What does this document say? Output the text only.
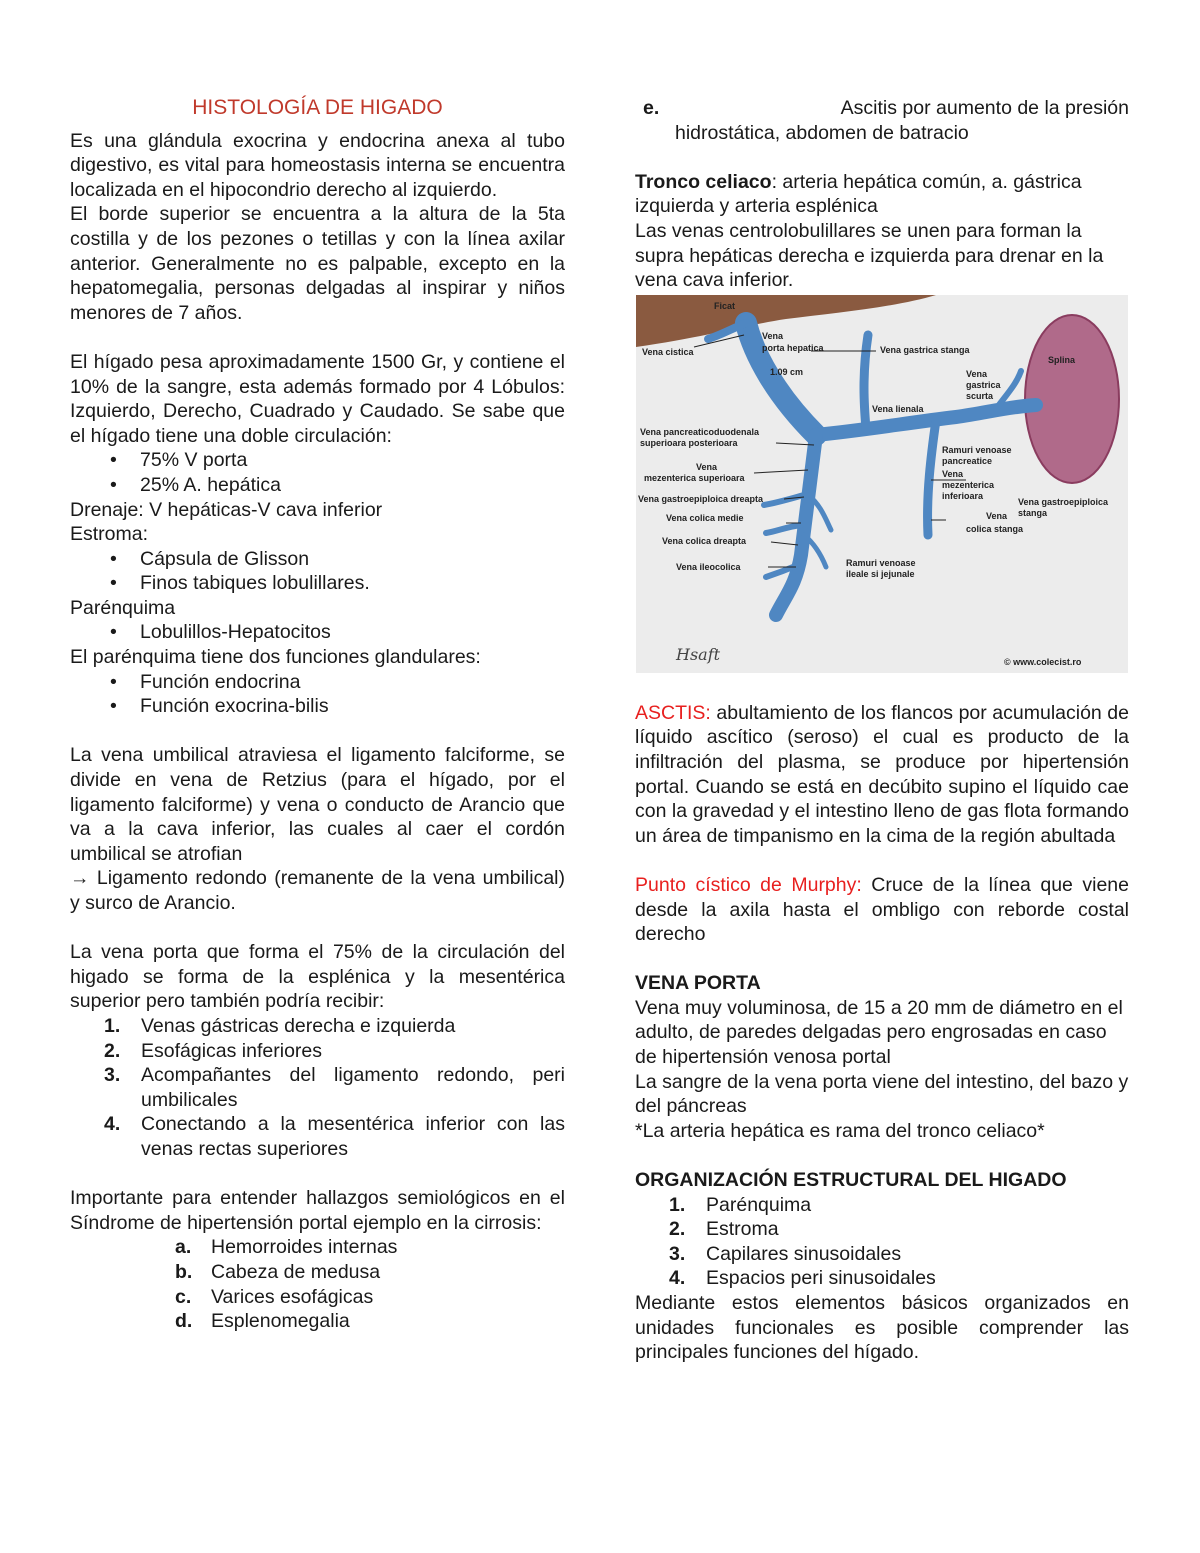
HISTOLOGÍA DE HIGADO

Es una glándula exocrina y endocrina anexa al tubo digestivo, es vital para homeostasis interna se encuentra localizada en el hipocondrio derecho al izquierdo.

El borde superior se encuentra a la altura de la 5ta costilla y de los pezones o tetillas y con la línea axilar anterior. Generalmente no es palpable, excepto en la hepatomegalia, personas delgadas al inspirar y niños menores de 7 años.

El hígado pesa aproximadamente 1500 Gr, y contiene el 10% de la sangre, esta además formado por 4 Lóbulos: Izquierdo, Derecho, Cuadrado y Caudado. Se sabe que el hígado tiene una doble circulación:

• 75% V porta
• 25% A. hepática

Drenaje: V hepáticas-V cava inferior

Estroma:

• Cápsula de Glisson
• Finos tabiques lobulillares.

Parénquima

• Lobulillos-Hepatocitos

El parénquima tiene dos funciones glandulares:

• Función endocrina
• Función exocrina-bilis

La vena umbilical atraviesa el ligamento falciforme, se divide en vena de Retzius (para el hígado, por el ligamento falciforme) y vena o conducto de Arancio que va a la cava inferior, las cuales al caer el cordón umbilical se atrofian

→ Ligamento redondo (remanente de la vena umbilical) y surco de Arancio.

La vena porta que forma el 75% de la circulación del higado se forma de la esplénica y la mesentérica superior pero también podría recibir:

1. Venas gástricas derecha e izquierda
2. Esofágicas inferiores
3. Acompañantes del ligamento redondo, peri umbilicales
4. Conectando a la mesentérica inferior con las venas rectas superiores

Importante para entender hallazgos semiológicos en el Síndrome de hipertensión portal ejemplo en la cirrosis:

a. Hemorroides internas
b. Cabeza de medusa
c. Varices esofágicas
d. Esplenomegalia
e.	Ascitis por aumento de la presión
hidrostática, abdomen de batracio

Tronco celiaco: arteria hepática común, a. gástrica izquierda y arteria esplénica

Las venas centrolobulillares se unen para forman la supra hepáticas derecha e izquierda para drenar en la vena cava inferior.

Ficat
Vena cistica
Vena
porta hepatica
1.09 cm
Vena gastrica stanga
Splina
Vena
gastrica
scurta
Vena lienala
Vena pancreaticoduodenala
superioara posterioara
Ramuri venoase
pancreatice
Vena
mezenterica superioara	Vena
mezenterica
inferioara
Vena gastroepiploica dreapta	Vena gastroepiploica
stanga
Vena colica medie	Vena
colica stanga
Vena colica dreapta
Vena ileocolica	Ramuri venoase
ileale si jejunale
Hsaft	© www.colecist.ro

ASCTIS: abultamiento de los flancos por acumulación de líquido ascítico (seroso) el cual es producto de la infiltración del plasma, se produce por hipertensión portal. Cuando se está en decúbito supino el líquido cae con la gravedad y el intestino lleno de gas flota formando un área de timpanismo en la cima de la región abultada

Punto cístico de Murphy: Cruce de la línea que viene desde la axila hasta el ombligo con reborde costal derecho

VENA PORTA

Vena muy voluminosa, de 15 a 20 mm de diámetro en el adulto, de paredes delgadas pero engrosadas en caso de hipertensión venosa portal

La sangre de la vena porta viene del intestino, del bazo y del páncreas

*La arteria hepática es rama del tronco celiaco*

ORGANIZACIÓN ESTRUCTURAL DEL HIGADO

1. Parénquima
2. Estroma
3. Capilares sinusoidales
4. Espacios peri sinusoidales

Mediante estos elementos básicos organizados en unidades funcionales es posible comprender las principales funciones del hígado.
